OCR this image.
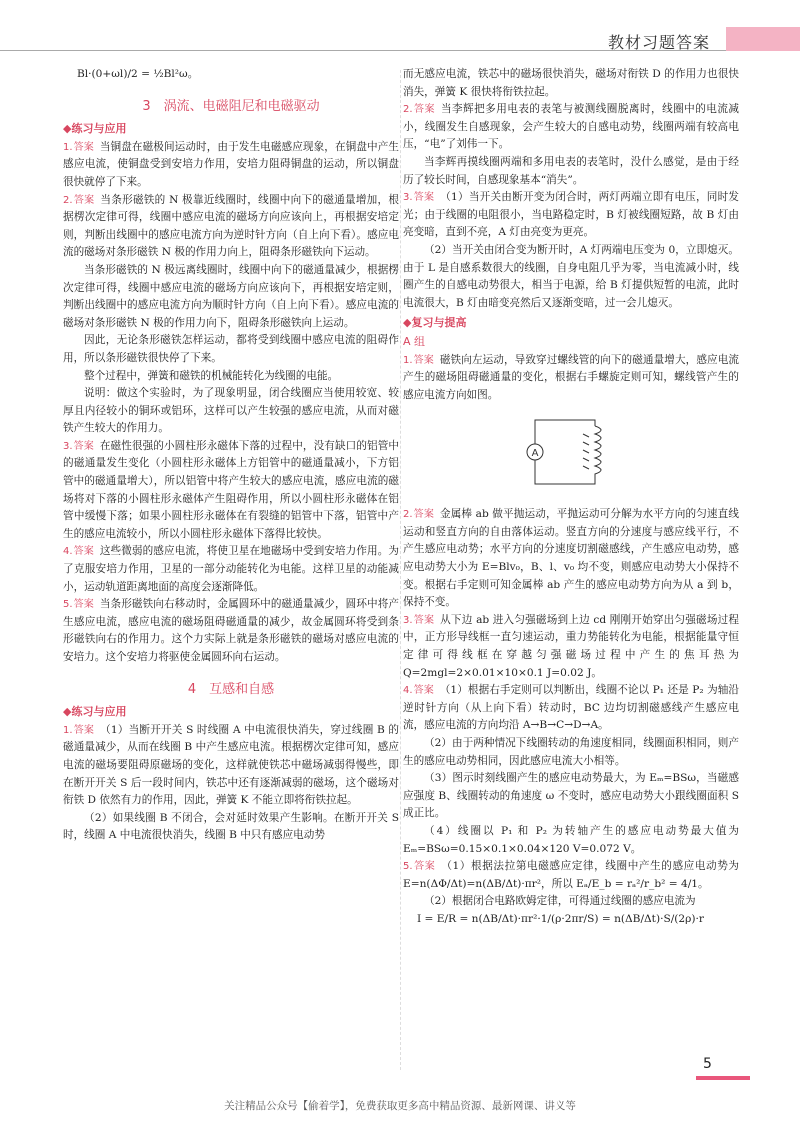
教材习题答案

Bl·(0+ωl)/2 = ½Bl²ω。

3　涡流、电磁阻尼和电磁驱动
◆练习与应用

1.答案 当铜盘在磁极间运动时，由于发生电磁感应现象，在铜盘中产生感应电流，使铜盘受到安培力作用，安培力阻碍铜盘的运动，所以铜盘很快就停了下来。

2.答案 当条形磁铁的 N 极靠近线圈时，线圈中向下的磁通量增加，根据楞次定律可得，线圈中感应电流的磁场方向应该向上，再根据安培定则，判断出线圈中的感应电流方向为逆时针方向（自上向下看）。感应电流的磁场对条形磁铁 N 极的作用力向上，阻碍条形磁铁向下运动。

当条形磁铁的 N 极远离线圈时，线圈中向下的磁通量减少，根据楞次定律可得，线圈中感应电流的磁场方向应该向下，再根据安培定则，判断出线圈中的感应电流方向为顺时针方向（自上向下看）。感应电流的磁场对条形磁铁 N 极的作用力向下，阻碍条形磁铁向上运动。

因此，无论条形磁铁怎样运动，都将受到线圈中感应电流的阻碍作用，所以条形磁铁很快停了下来。

整个过程中，弹簧和磁铁的机械能转化为线圈的电能。

说明：做这个实验时，为了现象明显，闭合线圈应当使用较宽、较厚且内径较小的铜环或铝环，这样可以产生较强的感应电流，从而对磁铁产生较大的作用力。

3.答案 在磁性很强的小圆柱形永磁体下落的过程中，没有缺口的铝管中的磁通量发生变化（小圆柱形永磁体上方铝管中的磁通量减小，下方铝管中的磁通量增大），所以铝管中将产生较大的感应电流，感应电流的磁场将对下落的小圆柱形永磁体产生阻碍作用，所以小圆柱形永磁体在铝管中缓慢下落；如果小圆柱形永磁体在有裂缝的铝管中下落，铝管中产生的感应电流较小，所以小圆柱形永磁体下落得比较快。

4.答案 这些微弱的感应电流，将使卫星在地磁场中受到安培力作用。为了克服安培力作用，卫星的一部分动能转化为电能。这样卫星的动能减小，运动轨道距离地面的高度会逐渐降低。

5.答案 当条形磁铁向右移动时，金属圆环中的磁通量减少，圆环中将产生感应电流，感应电流的磁场阻碍磁通量的减少，故金属圆环将受到条形磁铁向右的作用力。这个力实际上就是条形磁铁的磁场对感应电流的安培力。这个安培力将驱使金属圆环向右运动。

4　互感和自感
◆练习与应用

1.答案 （1）当断开开关 S 时线圈 A 中电流很快消失，穿过线圈 B 的磁通量减少，从而在线圈 B 中产生感应电流。根据楞次定律可知，感应电流的磁场要阻碍原磁场的变化，这样就使铁芯中磁场减弱得慢些，即在断开开关 S 后一段时间内，铁芯中还有逐渐减弱的磁场，这个磁场对衔铁 D 依然有力的作用，因此，弹簧 K 不能立即将衔铁拉起。

（2）如果线圈 B 不闭合，会对延时效果产生影响。在断开开关 S 时，线圈 A 中电流很快消失，线圈 B 中只有感应电动势

而无感应电流，铁芯中的磁场很快消失，磁场对衔铁 D 的作用力也很快消失，弹簧 K 很快将衔铁拉起。

2.答案 当李辉把多用电表的表笔与被测线圈脱离时，线圈中的电流减小，线圈发生自感现象，会产生较大的自感电动势，线圈两端有较高电压，“电”了刘伟一下。

当李辉再摸线圈两端和多用电表的表笔时，没什么感觉，是由于经历了较长时间，自感现象基本“消失”。

3.答案 （1）当开关由断开变为闭合时，两灯两端立即有电压，同时发光；由于线圈的电阻很小，当电路稳定时，B 灯被线圈短路，故 B 灯由亮变暗，直到不亮，A 灯由亮变为更亮。

（2）当开关由闭合变为断开时，A 灯两端电压变为 0，立即熄灭。由于 L 是自感系数很大的线圈，自身电阻几乎为零，当电流减小时，线圈产生的自感电动势很大，相当于电源，给 B 灯提供短暂的电流，此时电流很大，B 灯由暗变亮然后又逐渐变暗，过一会儿熄灭。

◆复习与提高
A 组

1.答案 磁铁向左运动，导致穿过螺线管的向下的磁通量增大，感应电流产生的磁场阻碍磁通量的变化，根据右手螺旋定则可知，螺线管产生的感应电流方向如图。

A

2.答案 金属棒 ab 做平抛运动，平抛运动可分解为水平方向的匀速直线运动和竖直方向的自由落体运动。竖直方向的分速度与感应线平行，不产生感应电动势；水平方向的分速度切割磁感线，产生感应电动势，感应电动势大小为 E=Blv₀，B、l、v₀ 均不变，则感应电动势大小保持不变。根据右手定则可知金属棒 ab 产生的感应电动势方向为从 a 到 b，保持不变。

3.答案 从下边 ab 进入匀强磁场到上边 cd 刚刚开始穿出匀强磁场过程中，正方形导线框一直匀速运动，重力势能转化为电能，根据能量守恒定律可得线框在穿越匀强磁场过程中产生的焦耳热为 Q=2mgl=2×0.01×10×0.1 J=0.02 J。

4.答案 （1）根据右手定则可以判断出，线圈不论以 P₁ 还是 P₂ 为轴沿逆时针方向（从上向下看）转动时，BC 边均切割磁感线产生感应电流，感应电流的方向均沿 A→B→C→D→A。

（2）由于两种情况下线圈转动的角速度相同，线圈面积相同，则产生的感应电动势相同，因此感应电流大小相等。

（3）图示时刻线圈产生的感应电动势最大，为 Eₘ=BSω，当磁感应强度 B、线圈转动的角速度 ω 不变时，感应电动势大小跟线圈面积 S 成正比。

（4）线圈以 P₁ 和 P₂ 为转轴产生的感应电动势最大值为 Eₘ=BSω=0.15×0.1×0.04×120 V=0.072 V。

5.答案 （1）根据法拉第电磁感应定律，线圈中产生的感应电动势为 E=n(ΔΦ/Δt)=n(ΔB/Δt)·πr²，所以 Eₐ/E_b = rₐ²/r_b² = 4/1。

（2）根据闭合电路欧姆定律，可得通过线圈的感应电流为

I = E/R = n(ΔB/Δt)·πr²·1/(ρ·2πr/S) = n(ΔB/Δt)·S/(2ρ)·r

5
关注精品公众号【偷着学】，免费获取更多高中精品资源、最新网课、讲义等
